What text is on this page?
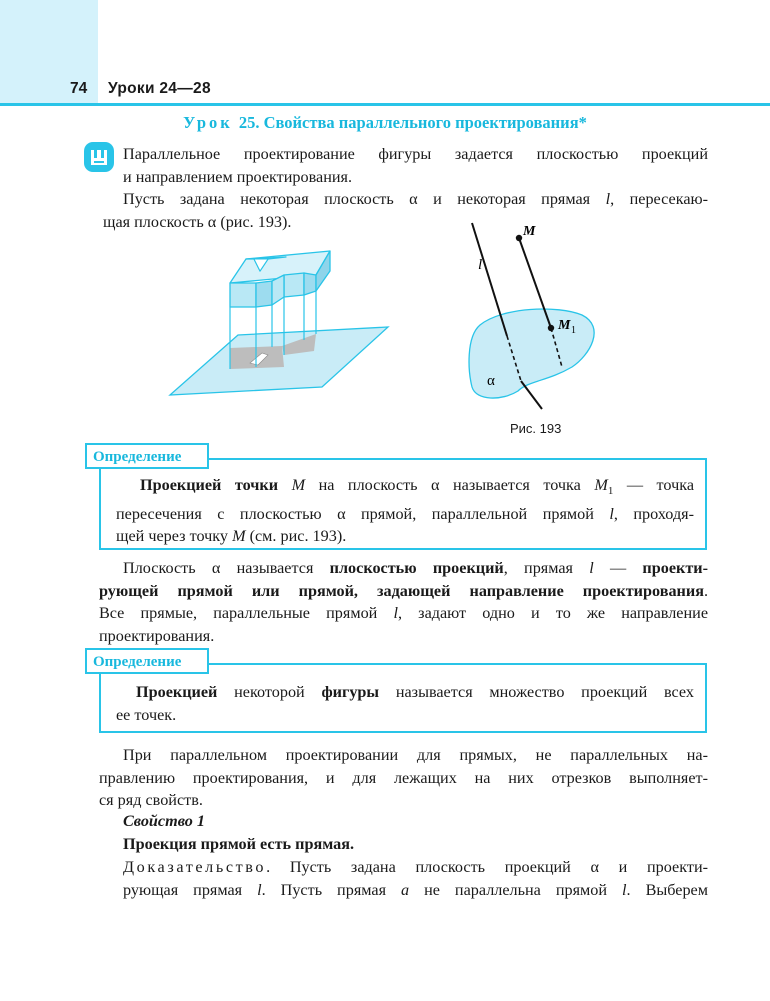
74 Уроки 24—28
Урок 25. Свойства параллельного проектирования*
Параллельное проектирование фигуры задается плоскостью проекций
и направлением проектирования.
Пусть задана некоторая плоскость α и некоторая прямая l, пересекаю-
щая плоскость α (рис. 193).
l
M
M 1
α
Рис. 193
Определение
Проекцией точки M на плоскость α называется точка $M_1$ — точка
пересечения с плоскостью α прямой, параллельной прямой l, проходя-
щей через точку M (см. рис. 193).
Плоскость α называется плоскостью проекций, прямая l — проекти-
рующей прямой или прямой, задающей направление проектирования.
Все прямые, параллельные прямой l, задают одно и то же направление
проектирования.
Определение
Проекцией некоторой фигуры называется множество проекций всех
ее точек.
При параллельном проектировании для прямых, не параллельных на-
правлению проектирования, и для лежащих на них отрезков выполняет-
ся ряд свойств.
Свойство 1
Проекция прямой есть прямая.
Доказательство. Пусть задана плоскость проекций α и проекти-
рующая прямая l. Пусть прямая a не параллельна прямой l. Выберем
